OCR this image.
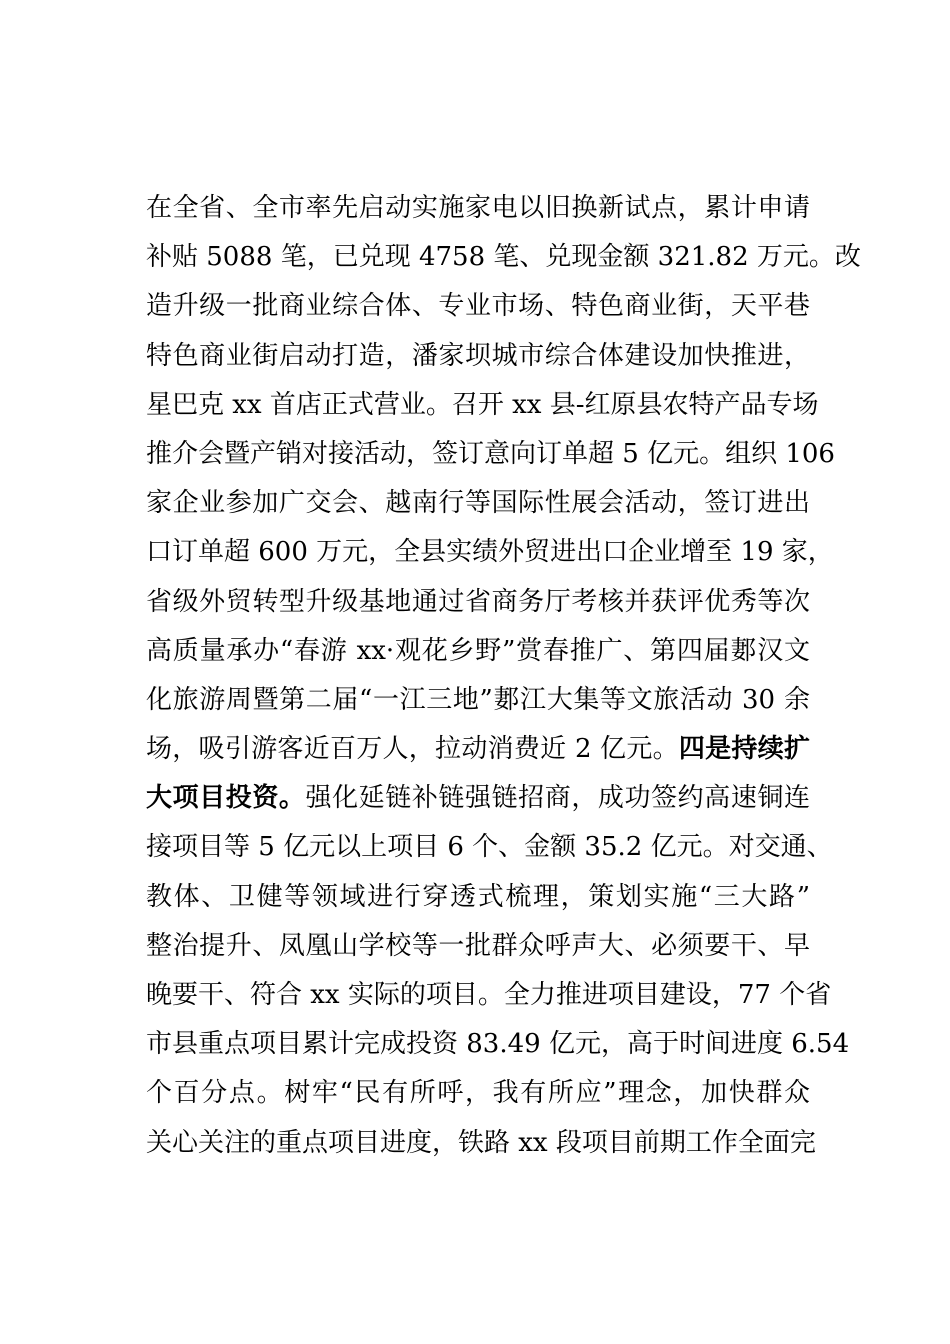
在全省、全市率先启动实施家电以旧换新试点，累计申请
补贴 5088 笔，已兑现 4758 笔、兑现金额 321.82 万元。改
造升级一批商业综合体、专业市场、特色商业街，天平巷
特色商业街启动打造，潘家坝城市综合体建设加快推进，
星巴克 xx 首店正式营业。召开 xx 县-红原县农特产品专场
推介会暨产销对接活动，签订意向订单超 5 亿元。组织 106
家企业参加广交会、越南行等国际性展会活动，签订进出
口订单超 600 万元，全县实绩外贸进出口企业增至 19 家，
省级外贸转型升级基地通过省商务厅考核并获评优秀等次
高质量承办“春游 xx·观花乡野”赏春推广、第四届郪汉文
化旅游周暨第二届“一江三地”郪江大集等文旅活动 30 余
场，吸引游客近百万人，拉动消费近 2 亿元。四是持续扩
大项目投资。强化延链补链强链招商，成功签约高速铜连
接项目等 5 亿元以上项目 6 个、金额 35.2 亿元。对交通、
教体、卫健等领域进行穿透式梳理，策划实施“三大路”
整治提升、凤凰山学校等一批群众呼声大、必须要干、早
晚要干、符合 xx 实际的项目。全力推进项目建设，77 个省
市县重点项目累计完成投资 83.49 亿元，高于时间进度 6.54
个百分点。树牢“民有所呼，我有所应”理念，加快群众
关心关注的重点项目进度，铁路 xx 段项目前期工作全面完
